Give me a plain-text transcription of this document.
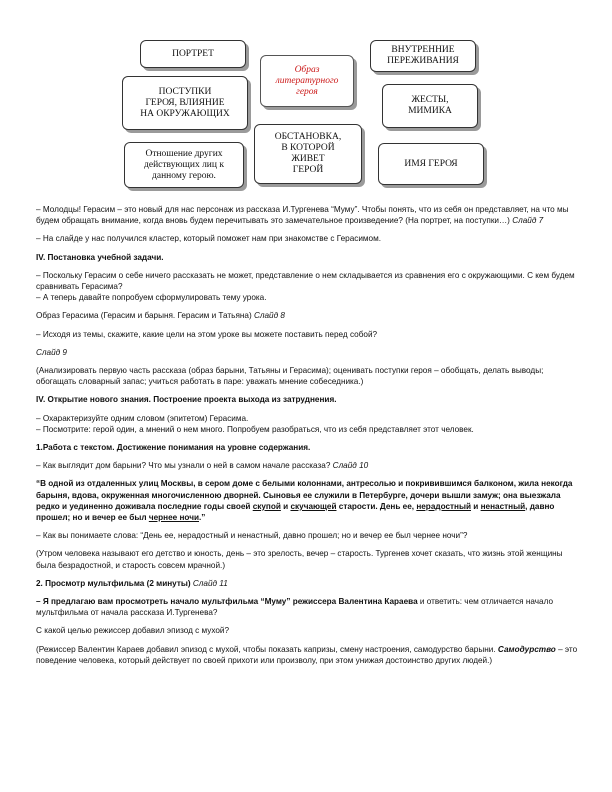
ПОРТРЕТ
Образ
литературного
героя
ВНУТРЕННИЕ
ПЕРЕЖИВАНИЯ
ПОСТУПКИ
ГЕРОЯ, ВЛИЯНИЕ
НА ОКРУЖАЮЩИХ
ЖЕСТЫ,
МИМИКА
ОБСТАНОВКА,
В КОТОРОЙ
ЖИВЕТ
ГЕРОЙ
Отношение других
действующих лиц к
данному герою.
ИМЯ ГЕРОЯ

– Молодцы! Герасим – это новый для нас персонаж из рассказа И.Тургенева “Муму”. Чтобы понять, что из себя он представляет, на что мы будем обращать внимание, когда вновь будем перечитывать это замечательное произведение? (На портрет, на поступки…) Слайд 7

– На слайде у нас получился кластер, который поможет нам при знакомстве с Герасимом.

IV. Постановка учебной задачи.

– Поскольку Герасим о себе ничего рассказать не может, представление о нем складывается из сравнения его с окружающими. С кем будем сравнивать Герасима?

– А теперь давайте попробуем сформулировать тему урока.

Образ Герасима (Герасим и барыня. Герасим и Татьяна) Слайд 8

– Исходя из темы, скажите, какие цели на этом уроке вы можете поставить перед собой?

Слайд 9

(Анализировать первую часть рассказа (образ барыни, Татьяны и Герасима); оценивать поступки героя – обобщать, делать выводы; обогащать словарный запас; учиться работать в паре: уважать мнение собеседника.)

IV. Открытие нового знания. Построение проекта выхода из затруднения.

– Охарактеризуйте одним словом (эпитетом) Герасима.

– Посмотрите: герой один, а мнений о нем много. Попробуем разобраться, что из себя представляет этот человек.

1.Работа с текстом. Достижение понимания на уровне содержания.

– Как выглядит дом барыни? Что мы узнали о ней в самом начале рассказа? Слайд 10

“В одной из отдаленных улиц Москвы, в сером доме с белыми колоннами, антресолью и покривившимся балконом, жила некогда барыня, вдова, окруженная многочисленною дворней. Сыновья ее служили в Петербурге, дочери вышли замуж; она выезжала редко и уединенно доживала последние годы своей скупой и скучающей старости. День ее, нерадостный и ненастный, давно прошел; но и вечер ее был чернее ночи.”

– Как вы понимаете слова: “День ее, нерадостный и ненастный, давно прошел; но и вечер ее был чернее ночи”?

(Утром человека называют его детство и юность, день – это зрелость, вечер – старость. Тургенев хочет сказать, что жизнь этой женщины была безрадостной, и старость совсем мрачной.)

2. Просмотр мультфильма (2 минуты) Слайд 11

– Я предлагаю вам просмотреть начало мультфильма “Муму” режиссера Валентина Караева и ответить: чем отличается начало мультфильма от начала рассказа И.Тургенева?

С какой целью режиссер добавил эпизод с мухой?

(Режиссер Валентин Караев добавил эпизод с мухой, чтобы показать капризы, смену настроения, самодурство барыни. Самодурство – это поведение человека, который действует по своей прихоти или произволу, при этом унижая достоинство других людей.)
